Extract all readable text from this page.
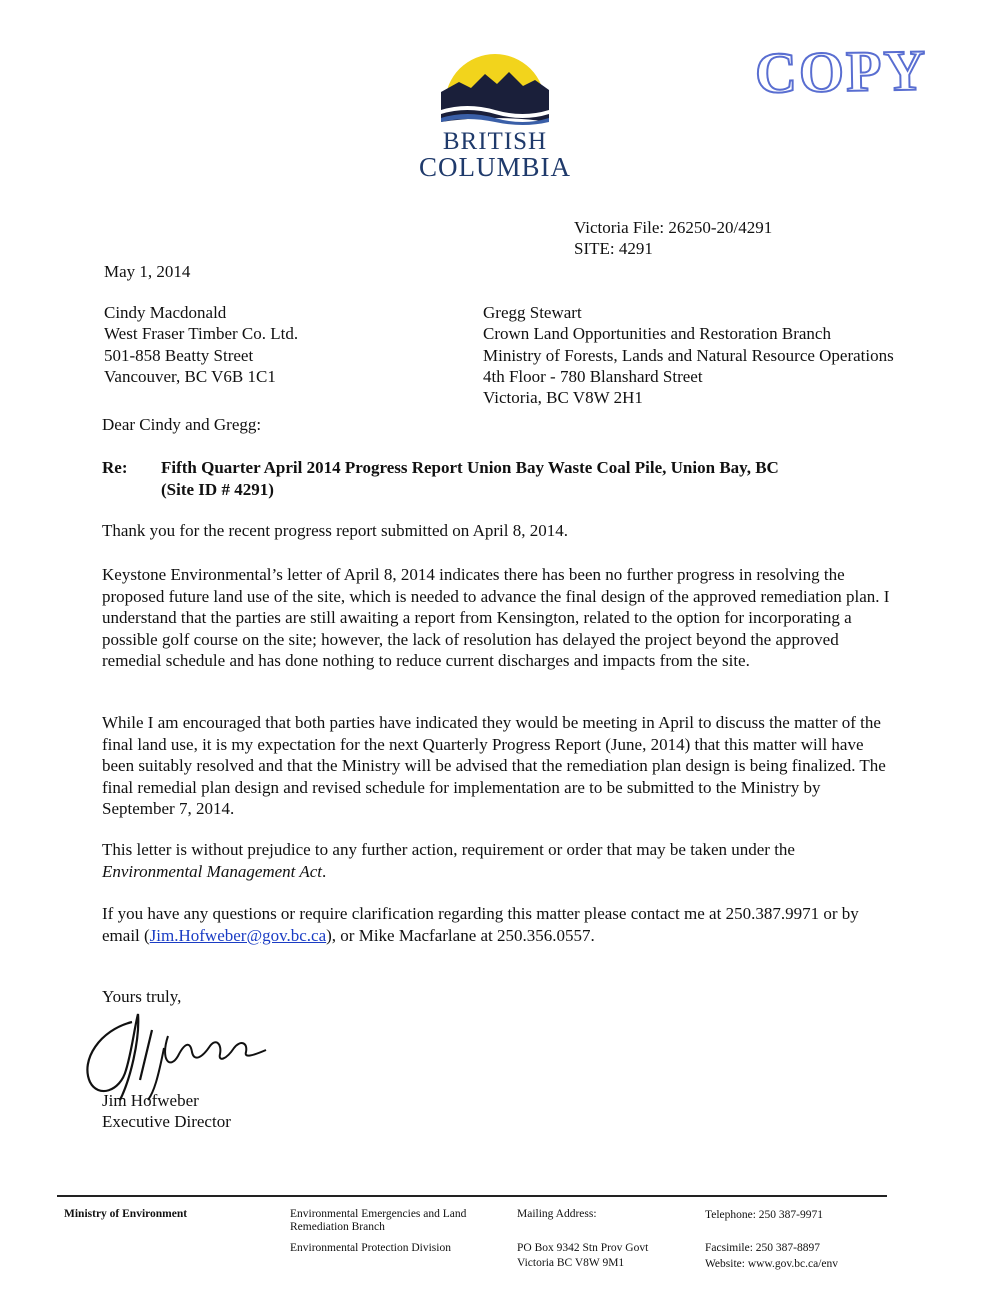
BRITISH
COLUMBIA
COPY
Victoria File: 26250-20/4291
SITE: 4291
May 1, 2014
Cindy Macdonald
West Fraser Timber Co. Ltd.
501-858 Beatty Street
Vancouver, BC V6B 1C1
Gregg Stewart
Crown Land Opportunities and Restoration Branch
Ministry of Forests, Lands and Natural Resource Operations
4th Floor - 780 Blanshard Street
Victoria, BC V8W 2H1
Dear Cindy and Gregg:
Re: Fifth Quarter April 2014 Progress Report Union Bay Waste Coal Pile, Union Bay, BC
(Site ID # 4291)

Thank you for the recent progress report submitted on April 8, 2014.

Keystone Environmental’s letter of April 8, 2014 indicates there has been no further progress in resolving the proposed future land use of the site, which is needed to advance the final design of the approved remediation plan. I understand that the parties are still awaiting a report from Kensington, related to the option for incorporating a possible golf course on the site; however, the lack of resolution has delayed the project beyond the approved remedial schedule and has done nothing to reduce current discharges and impacts from the site.

While I am encouraged that both parties have indicated they would be meeting in April to discuss the matter of the final land use, it is my expectation for the next Quarterly Progress Report (June, 2014) that this matter will have been suitably resolved and that the Ministry will be advised that the remediation plan design is being finalized. The final remedial plan design and revised schedule for implementation are to be submitted to the Ministry by September 7, 2014.

This letter is without prejudice to any further action, requirement or order that may be taken under the Environmental Management Act.

If you have any questions or require clarification regarding this matter please contact me at 250.387.9971 or by email (Jim.Hofweber@gov.bc.ca), or Mike Macfarlane at 250.356.0557.

Yours truly,
Jim Hofweber
Executive Director
Ministry of Environment	Environmental Emergencies and Land
Remediation Branch
Environmental Protection Division
Mailing Address:
PO Box 9342 Stn Prov Govt
Victoria BC V8W 9M1
Telephone: 250 387-9971
Facsimile: 250 387-8897
Website: www.gov.bc.ca/env
